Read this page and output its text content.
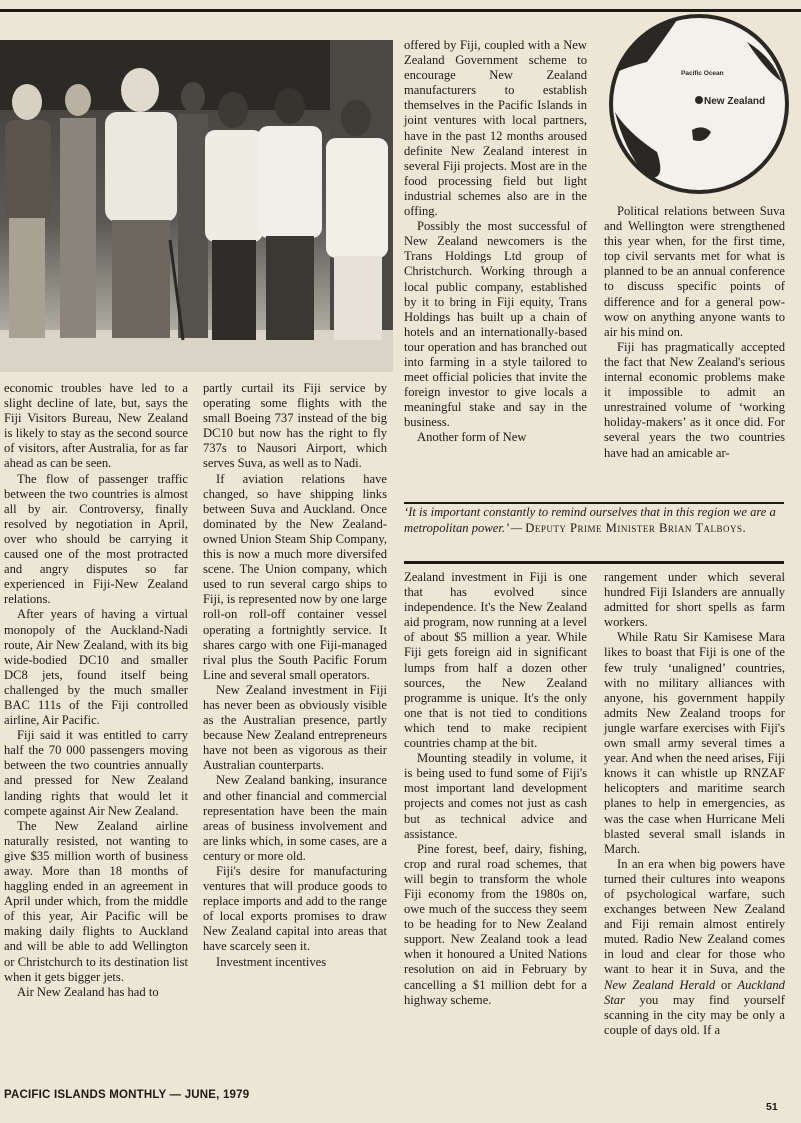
Pacific Ocean
New Zealand

economic troubles have led to a slight decline of late, but, says the Fiji Visitors Bureau, New Zealand is likely to stay as the second source of visitors, after Australia, for as far ahead as can be seen.

The flow of passenger traffic between the two countries is almost all by air. Controversy, finally resolved by negotiation in April, over who should be carrying it caused one of the most protracted and angry disputes so far experienced in Fiji-New Zealand relations.

After years of having a virtual monopoly of the Auckland-Nadi route, Air New Zealand, with its big wide-bodied DC10 and smaller DC8 jets, found itself being challenged by the much smaller BAC 111s of the Fiji controlled airline, Air Pacific.

Fiji said it was entitled to carry half the 70 000 passengers moving between the two countries annually and pressed for New Zealand landing rights that would let it compete against Air New Zealand.

The New Zealand airline naturally resisted, not wanting to give $35 million worth of business away. More than 18 months of haggling ended in an agreement in April under which, from the middle of this year, Air Pacific will be making daily flights to Auckland and will be able to add Wellington or Christchurch to its destination list when it gets bigger jets.

Air New Zealand has had to

partly curtail its Fiji service by operating some flights with the small Boeing 737 instead of the big DC10 but now has the right to fly 737s to Nausori Airport, which serves Suva, as well as to Nadi.

If aviation relations have changed, so have shipping links between Suva and Auckland. Once dominated by the New Zealand-owned Union Steam Ship Company, this is now a much more diversifed scene. The Union company, which used to run several cargo ships to Fiji, is represented now by one large roll-on roll-off container vessel operating a fortnightly service. It shares cargo with one Fiji-managed rival plus the South Pacific Forum Line and several small operators.

New Zealand investment in Fiji has never been as obviously visible as the Australian presence, partly because New Zealand entrepreneurs have not been as vigorous as their Australian counterparts.

New Zealand banking, insurance and other financial and commercial representation have been the main areas of business involvement and are links which, in some cases, are a century or more old.

Fiji's desire for manufacturing ventures that will produce goods to replace imports and add to the range of local exports promises to draw New Zealand capital into areas that have scarcely seen it.

Investment incentives

offered by Fiji, coupled with a New Zealand Government scheme to encourage New Zealand manufacturers to establish themselves in the Pacific Islands in joint ventures with local partners, have in the past 12 months aroused definite New Zealand interest in several Fiji projects. Most are in the food processing field but light industrial schemes also are in the offing.

Possibly the most successful of New Zealand newcomers is the Trans Holdings Ltd group of Christchurch. Working through a local public company, established by it to bring in Fiji equity, Trans Holdings has built up a chain of hotels and an internationally-based tour operation and has branched out into farming in a style tailored to meet official policies that invite the foreign investor to give locals a meaningful stake and say in the business.

Another form of New

Political relations between Suva and Wellington were strengthened this year when, for the first time, top civil servants met for what is planned to be an annual conference to discuss specific points of difference and for a general pow-wow on anything anyone wants to air his mind on.

Fiji has pragmatically accepted the fact that New Zealand's serious internal economic problems make it impossible to admit an unrestrained volume of ‘working holiday-makers’ as it once did. For several years the two countries have had an amicable ar-

‘It is important constantly to remind ourselves that in this region we are a metropolitan power.’ — Deputy Prime Minister Brian Talboys.

Zealand investment in Fiji is one that has evolved since independence. It's the New Zealand aid program, now running at a level of about $5 million a year. While Fiji gets foreign aid in significant lumps from half a dozen other sources, the New Zealand programme is unique. It's the only one that is not tied to conditions which tend to make recipient countries champ at the bit.

Mounting steadily in volume, it is being used to fund some of Fiji's most important land development projects and comes not just as cash but as technical advice and assistance.

Pine forest, beef, dairy, fishing, crop and rural road schemes, that will begin to transform the whole Fiji economy from the 1980s on, owe much of the success they seem to be heading for to New Zealand support. New Zealand took a lead when it honoured a United Nations resolution on aid in February by cancelling a $1 million debt for a highway scheme.

rangement under which several hundred Fiji Islanders are annually admitted for short spells as farm workers.

While Ratu Sir Kamisese Mara likes to boast that Fiji is one of the few truly ‘unaligned’ countries, with no military alliances with anyone, his government happily admits New Zealand troops for jungle warfare exercises with Fiji's own small army several times a year. And when the need arises, Fiji knows it can whistle up RNZAF helicopters and maritime search planes to help in emergencies, as was the case when Hurricane Meli blasted several small islands in March.

In an era when big powers have turned their cultures into weapons of psychological warfare, such exchanges between New Zealand and Fiji remain almost entirely muted. Radio New Zealand comes in loud and clear for those who want to hear it in Suva, and the New Zealand Herald or Auckland Star you may find yourself scanning in the city may be only a couple of days old. If a

PACIFIC ISLANDS MONTHLY — JUNE, 1979
51
